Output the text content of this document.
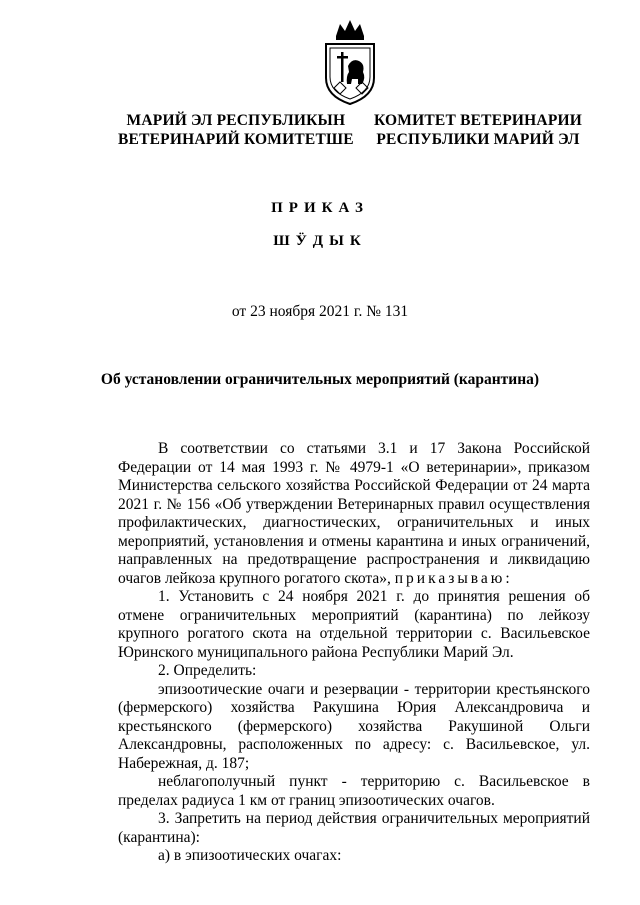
МАРИЙ ЭЛ РЕСПУБЛИКЫН
ВЕТЕРИНАРИЙ КОМИТЕТШЕ
КОМИТЕТ ВЕТЕРИНАРИИ
РЕСПУБЛИКИ МАРИЙ ЭЛ
ПРИКАЗ
ШӰДЫК
от 23 ноября 2021 г. № 131
Об установлении ограничительных мероприятий (карантина)

В соответствии со статьями 3.1 и 17 Закона Российской Федерации от 14 мая 1993 г. № 4979-1 «О ветеринарии», приказом Министерства сельского хозяйства Российской Федерации от 24 марта 2021 г. № 156 «Об утверждении Ветеринарных правил осуществления профилактических, диагностических, ограничительных и иных мероприятий, установления и отмены карантина и иных ограничений, направленных на предотвращение распространения и ликвидацию очагов лейкоза крупного рогатого скота», приказываю:

1. Установить с 24 ноября 2021 г. до принятия решения об отмене ограничительных мероприятий (карантина) по лейкозу крупного рогатого скота на отдельной территории с. Васильевское Юринского муниципального района Республики Марий Эл.

2. Определить:

эпизоотические очаги и резервации - территории крестьянского (фермерского) хозяйства Ракушина Юрия Александровича и крестьянского (фермерского) хозяйства Ракушиной Ольги Александровны, расположенных по адресу: с. Васильевское, ул. Набережная, д. 187;

неблагополучный пункт - территорию с. Васильевское в пределах радиуса 1 км от границ эпизоотических очагов.

3. Запретить на период действия ограничительных мероприятий (карантина):

а) в эпизоотических очагах:
